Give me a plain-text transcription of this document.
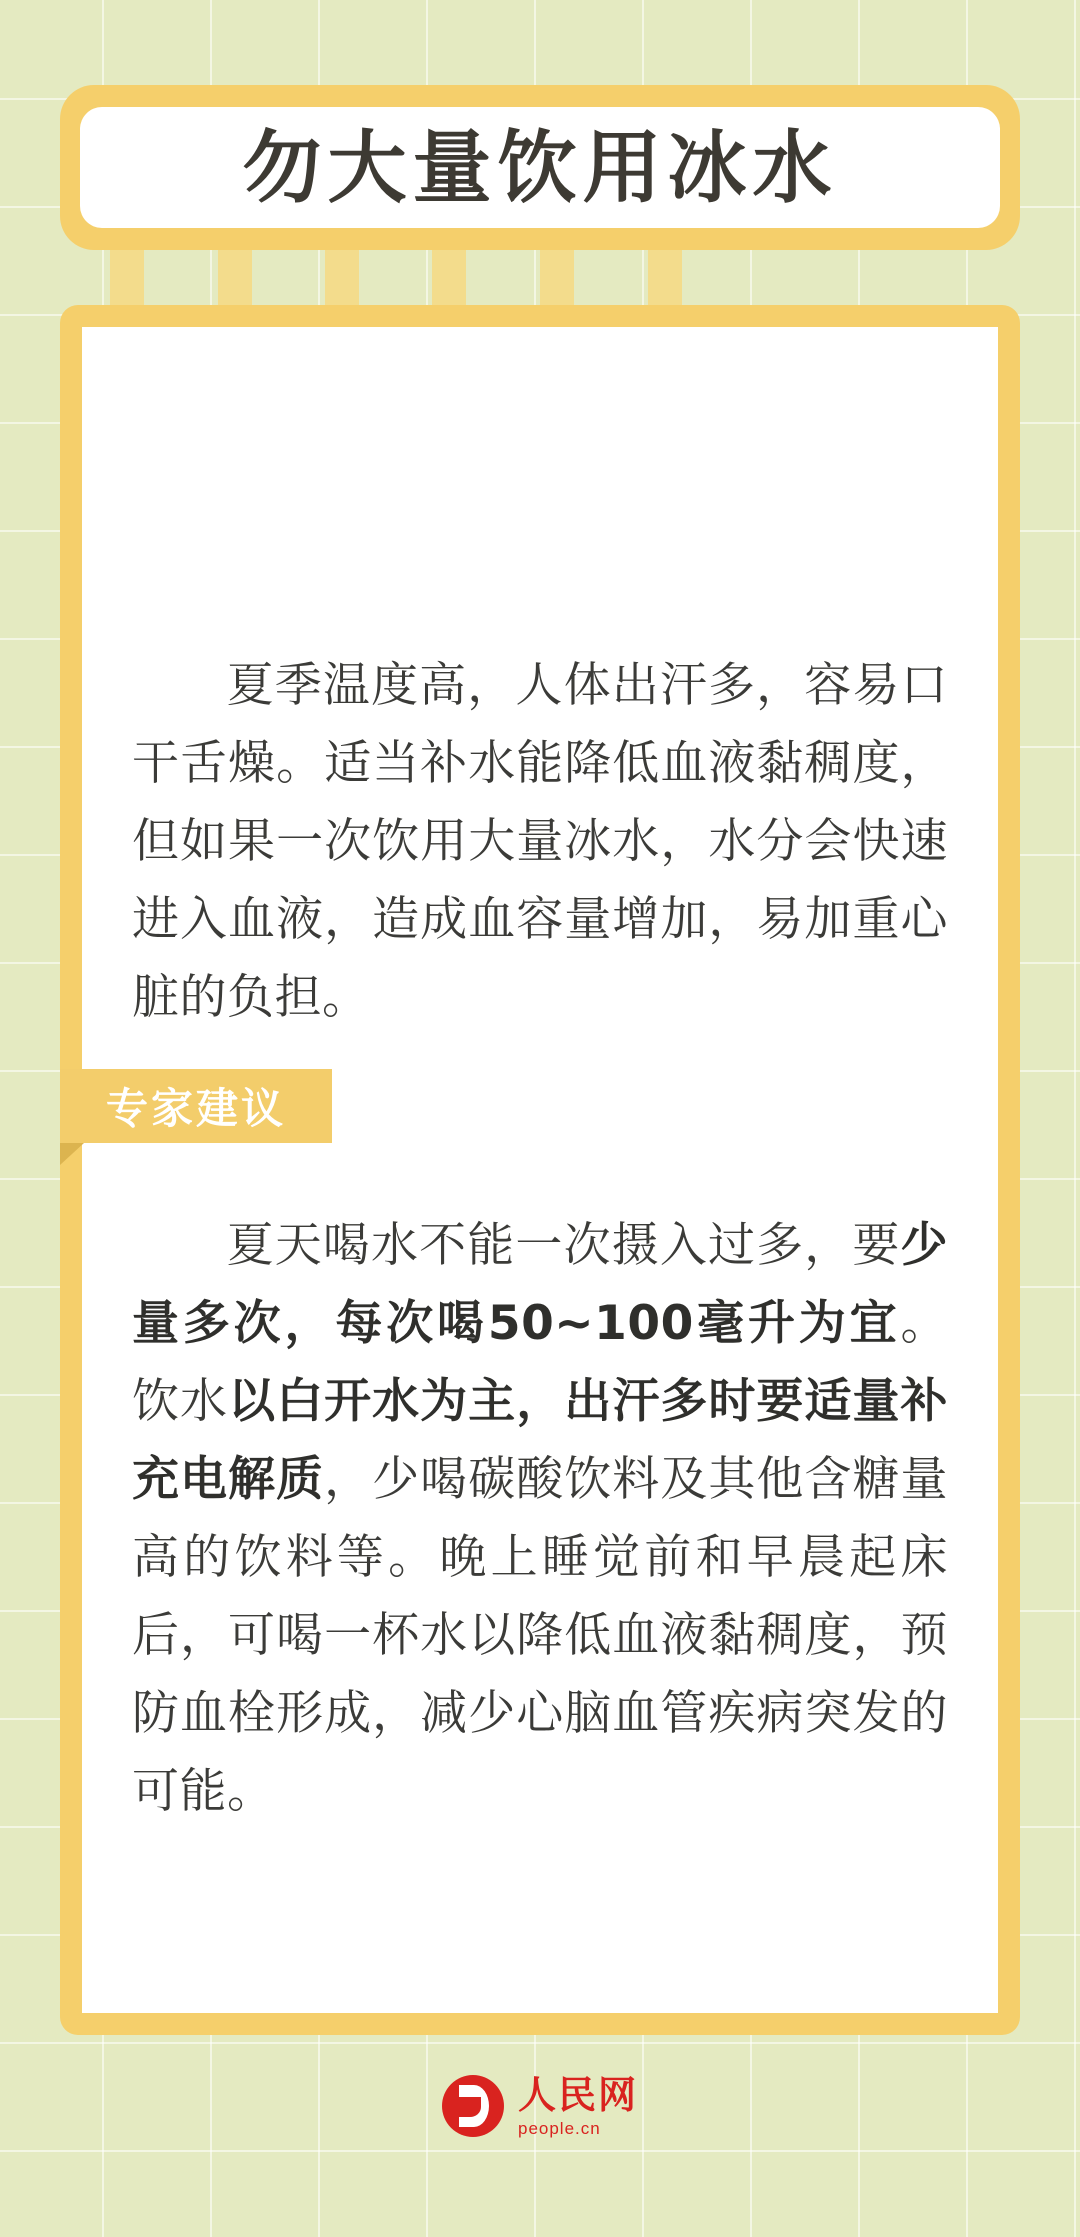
夏季温度高，人体出汗多，容易口干舌燥。适当补水能降低血液黏稠度，但如果一次饮用大量冰水，水分会快速进入血液，造成血容量增加，易加重心脏的负担。
专家建议
夏天喝水不能一次摄入过多，要少量多次，每次喝50~100毫升为宜。饮水以白开水为主，出汗多时要适量补充电解质，少喝碳酸饮料及其他含糖量高的饮料等。晚上睡觉前和早晨起床后，可喝一杯水以降低血液黏稠度，预防血栓形成，减少心脑血管疾病突发的可能。
勿大量饮用冰水
人民网
people.cn
